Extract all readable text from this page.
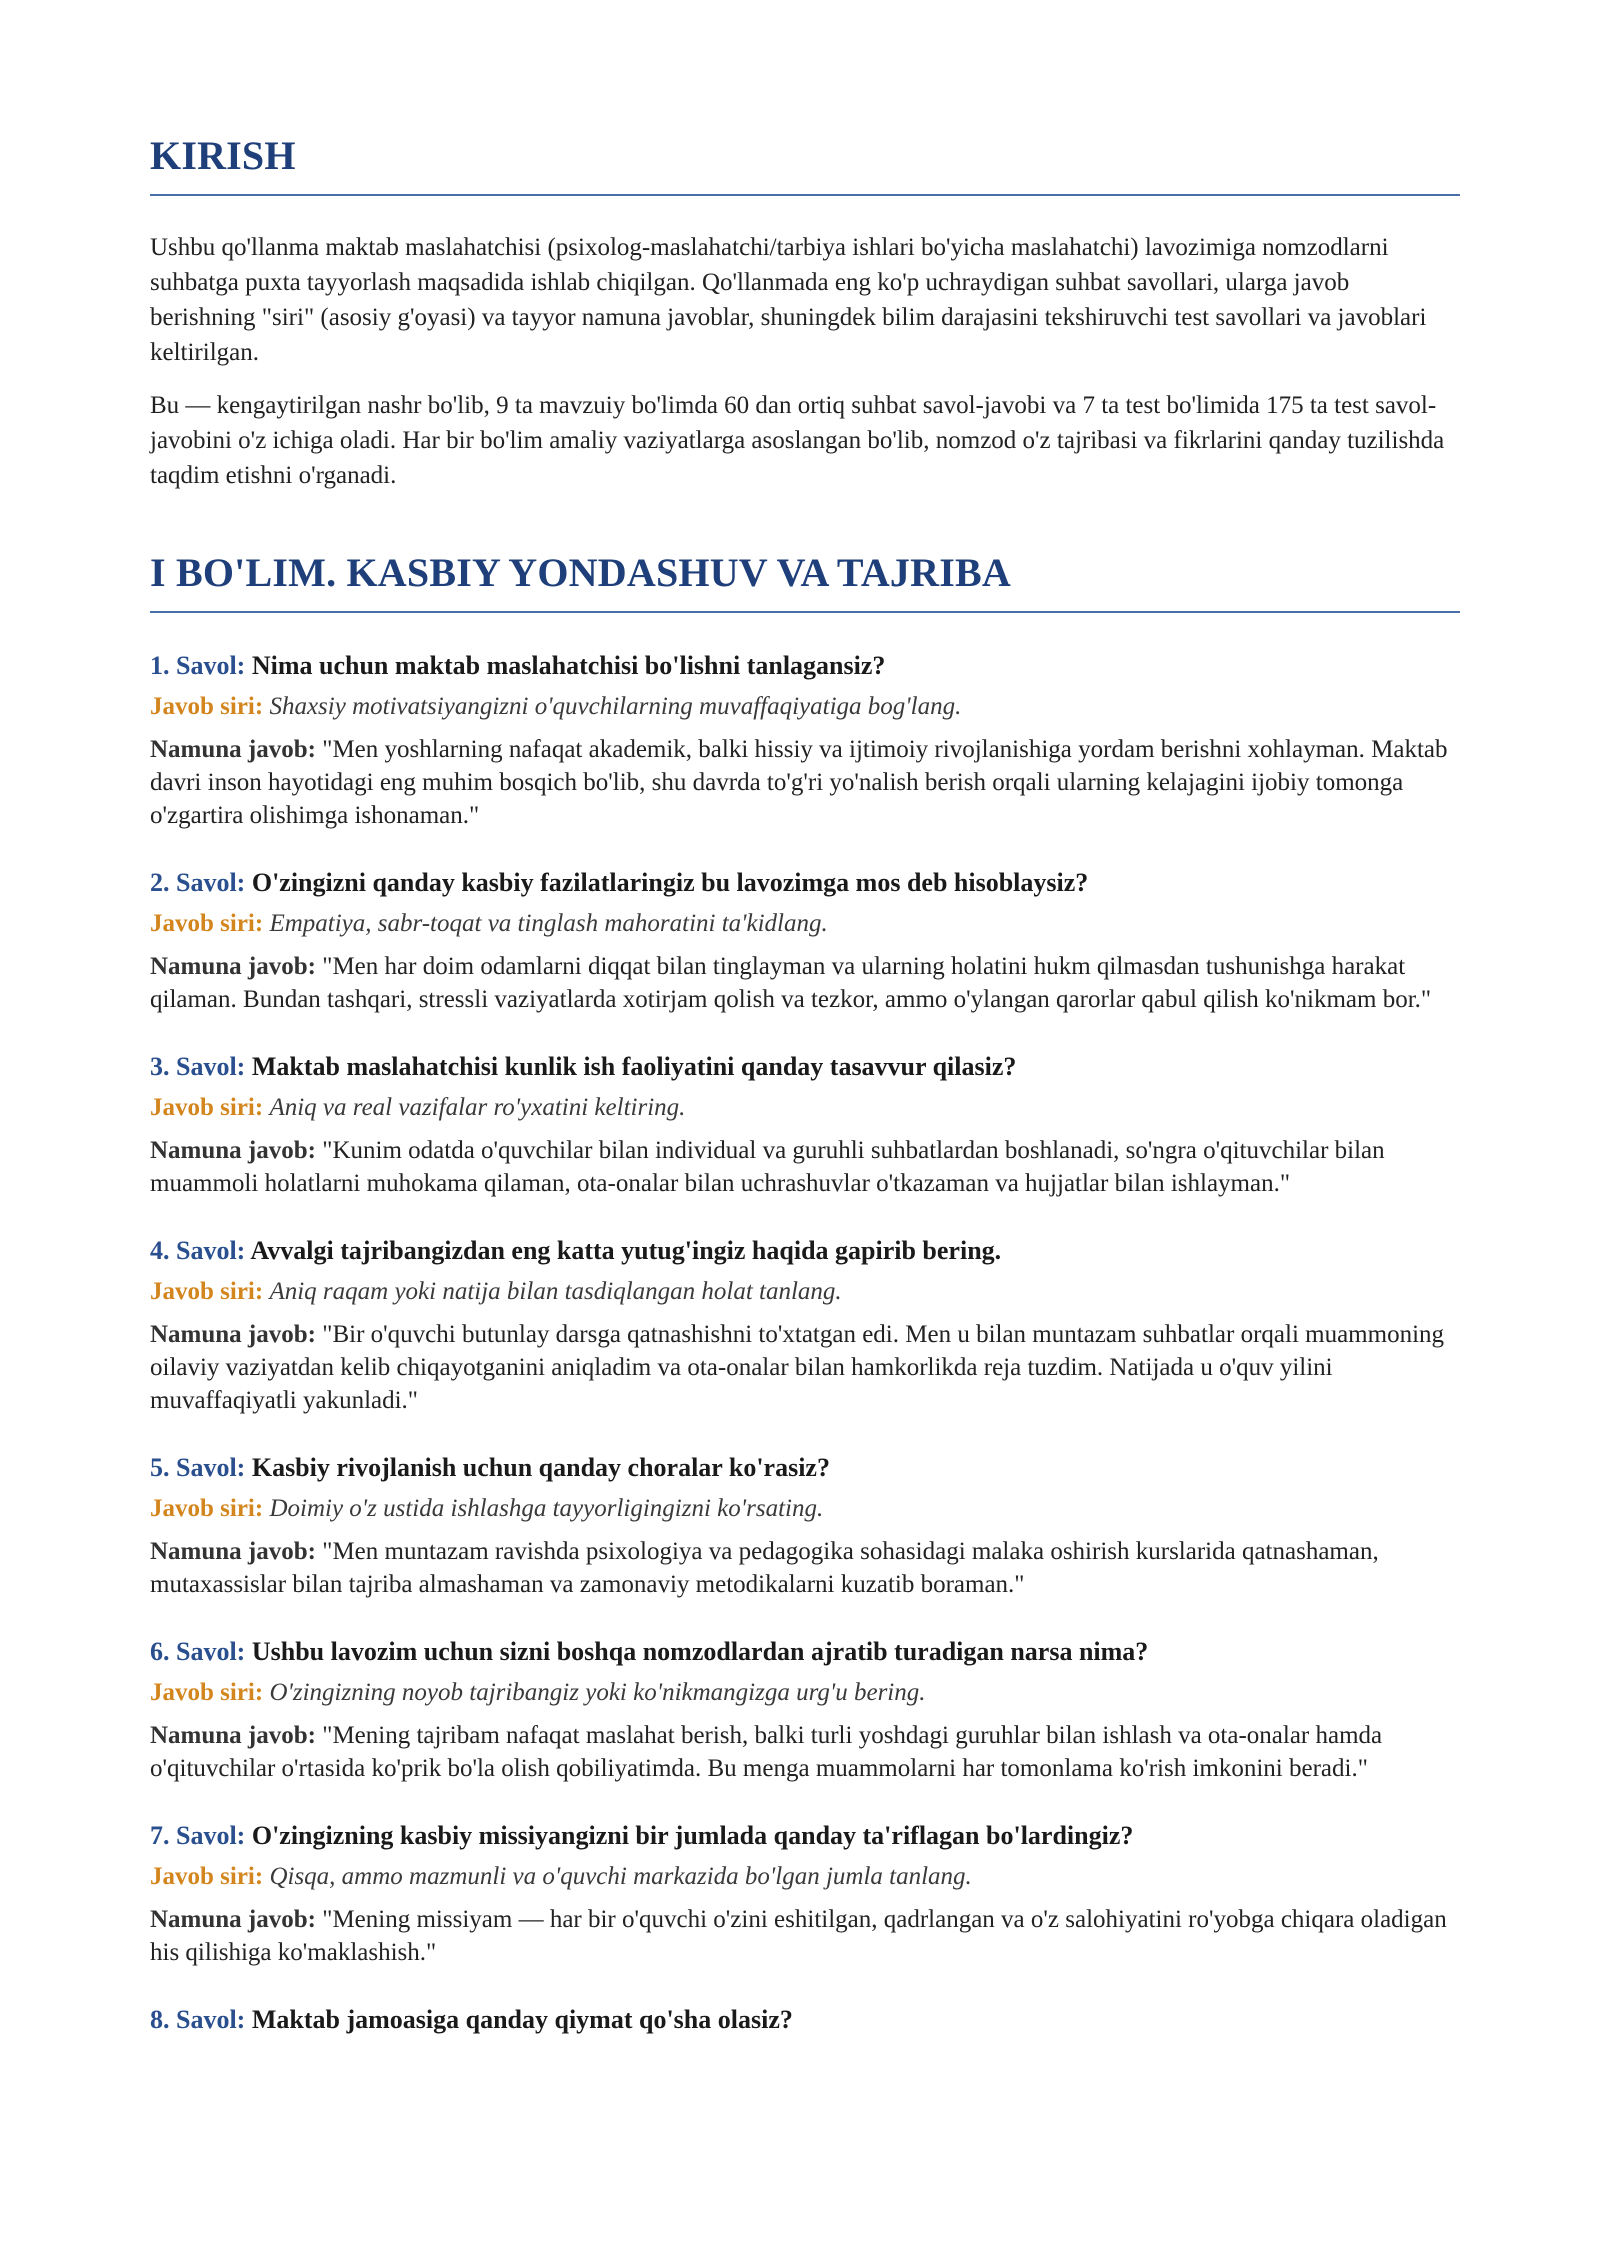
KIRISH

Ushbu qo'llanma maktab maslahatchisi (psixolog-maslahatchi/tarbiya ishlari bo'yicha maslahatchi) lavozimiga nomzodlarni suhbatga puxta tayyorlash maqsadida ishlab chiqilgan. Qo'llanmada eng ko'p uchraydigan suhbat savollari, ularga javob berishning "siri" (asosiy g'oyasi) va tayyor namuna javoblar, shuningdek bilim darajasini tekshiruvchi test savollari va javoblari keltirilgan.

Bu — kengaytirilgan nashr bo'lib, 9 ta mavzuiy bo'limda 60 dan ortiq suhbat savol-javobi va 7 ta test bo'limida 175 ta test savol-javobini o'z ichiga oladi. Har bir bo'lim amaliy vaziyatlarga asoslangan bo'lib, nomzod o'z tajribasi va fikrlarini qanday tuzilishda taqdim etishni o'rganadi.

I BO'LIM. KASBIY YONDASHUV VA TAJRIBA

1. Savol: Nima uchun maktab maslahatchisi bo'lishni tanlagansiz?

Javob siri: Shaxsiy motivatsiyangizni o'quvchilarning muvaffaqiyatiga bog'lang.

Namuna javob: "Men yoshlarning nafaqat akademik, balki hissiy va ijtimoiy rivojlanishiga yordam berishni xohlayman. Maktab davri inson hayotidagi eng muhim bosqich bo'lib, shu davrda to'g'ri yo'nalish berish orqali ularning kelajagini ijobiy tomonga o'zgartira olishimga ishonaman."

2. Savol: O'zingizni qanday kasbiy fazilatlaringiz bu lavozimga mos deb hisoblaysiz?

Javob siri: Empatiya, sabr-toqat va tinglash mahoratini ta'kidlang.

Namuna javob: "Men har doim odamlarni diqqat bilan tinglayman va ularning holatini hukm qilmasdan tushunishga harakat qilaman. Bundan tashqari, stressli vaziyatlarda xotirjam qolish va tezkor, ammo o'ylangan qarorlar qabul qilish ko'nikmam bor."

3. Savol: Maktab maslahatchisi kunlik ish faoliyatini qanday tasavvur qilasiz?

Javob siri: Aniq va real vazifalar ro'yxatini keltiring.

Namuna javob: "Kunim odatda o'quvchilar bilan individual va guruhli suhbatlardan boshlanadi, so'ngra o'qituvchilar bilan muammoli holatlarni muhokama qilaman, ota-onalar bilan uchrashuvlar o'tkazaman va hujjatlar bilan ishlayman."

4. Savol: Avvalgi tajribangizdan eng katta yutug'ingiz haqida gapirib bering.

Javob siri: Aniq raqam yoki natija bilan tasdiqlangan holat tanlang.

Namuna javob: "Bir o'quvchi butunlay darsga qatnashishni to'xtatgan edi. Men u bilan muntazam suhbatlar orqali muammoning oilaviy vaziyatdan kelib chiqayotganini aniqladim va ota-onalar bilan hamkorlikda reja tuzdim. Natijada u o'quv yilini muvaffaqiyatli yakunladi."

5. Savol: Kasbiy rivojlanish uchun qanday choralar ko'rasiz?

Javob siri: Doimiy o'z ustida ishlashga tayyorligingizni ko'rsating.

Namuna javob: "Men muntazam ravishda psixologiya va pedagogika sohasidagi malaka oshirish kurslarida qatnashaman, mutaxassislar bilan tajriba almashaman va zamonaviy metodikalarni kuzatib boraman."

6. Savol: Ushbu lavozim uchun sizni boshqa nomzodlardan ajratib turadigan narsa nima?

Javob siri: O'zingizning noyob tajribangiz yoki ko'nikmangizga urg'u bering.

Namuna javob: "Mening tajribam nafaqat maslahat berish, balki turli yoshdagi guruhlar bilan ishlash va ota-onalar hamda o'qituvchilar o'rtasida ko'prik bo'la olish qobiliyatimda. Bu menga muammolarni har tomonlama ko'rish imkonini beradi."

7. Savol: O'zingizning kasbiy missiyangizni bir jumlada qanday ta'riflagan bo'lardingiz?

Javob siri: Qisqa, ammo mazmunli va o'quvchi markazida bo'lgan jumla tanlang.

Namuna javob: "Mening missiyam — har bir o'quvchi o'zini eshitilgan, qadrlangan va o'z salohiyatini ro'yobga chiqara oladigan his qilishiga ko'maklashish."

8. Savol: Maktab jamoasiga qanday qiymat qo'sha olasiz?
